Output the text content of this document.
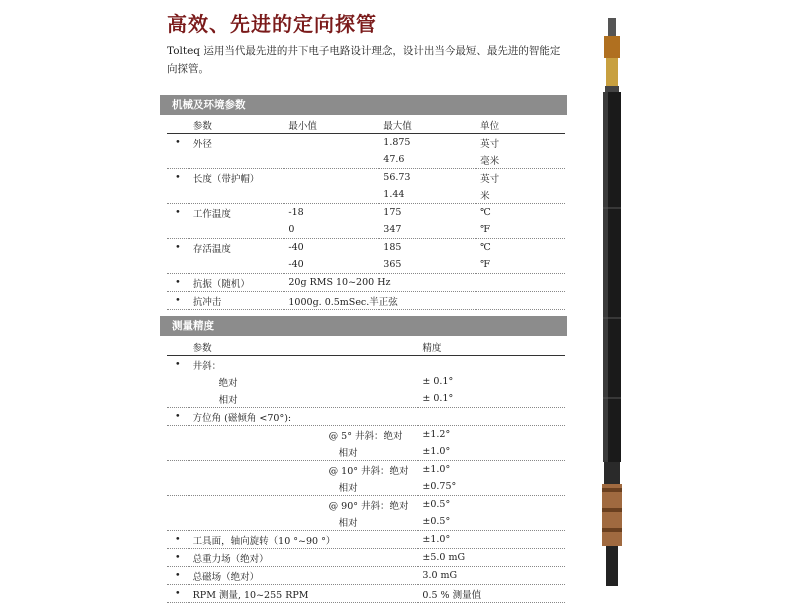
高效、先进的定向探管
Tolteq 运用当代最先进的井下电子电路设计理念，设计出当今最短、最先进的智能定向探管。
机械及环境参数
	参数	最小值	最大值	单位
•	外径		1.875	英寸
			47.6	毫米
•	长度（带护帽）		56.73	英寸
			1.44	米
•	工作温度	-18	175	℃
		0	347	℉
•	存活温度	-40	185	℃
		-40	365	℉
•	抗振（随机）	20g RMS 10~200 Hz		
•	抗冲击	1000g. 0.5mSec.半正弦		
测量精度
	参数	精度
•	井斜：	
	绝对	± 0.1°
	相对	± 0.1°
•	方位角 (磁倾角 <70°):	
	@ 5° 井斜：绝对	±1.2°
	相对	±1.0°
	@ 10° 井斜：绝对	±1.0°
	相对	±0.75°
	@ 90° 井斜：绝对	±0.5°
	相对	±0.5°
•	工具面，轴向旋转（10 °~90 °）	±1.0°
•	总重力场（绝对）	±5.0 mG
•	总磁场（绝对）	3.0 mG
•	RPM 测量, 10~255 RPM	0.5 % 测量值
